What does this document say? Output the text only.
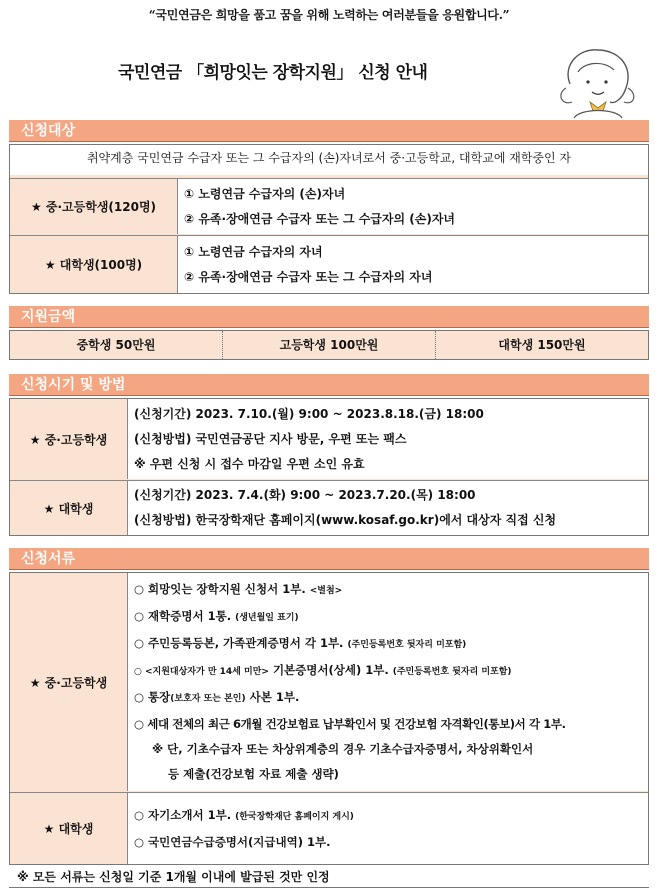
“국민연금은 희망을 품고 꿈을 위해 노력하는 여러분들을 응원합니다.”
국민연금 「희망잇는 장학지원」 신청 안내
신청대상
취약계층 국민연금 수급자 또는 그 수급자의 (손)자녀로서 중·고등학교, 대학교에 재학중인 자
★ 중·고등학생(120명)
① 노령연금 수급자의 (손)자녀
② 유족·장애연금 수급자 또는 그 수급자의 (손)자녀
★ 대학생(100명)
① 노령연금 수급자의 자녀
② 유족·장애연금 수급자 또는 그 수급자의 자녀
지원금액
중학생 50만원	고등학생 100만원	대학생 150만원
신청시기 및 방법
★ 중·고등학생
(신청기간) 2023. 7.10.(월) 9:00 ~ 2023.8.18.(금) 18:00
(신청방법) 국민연금공단 지사 방문, 우편 또는 팩스
※ 우편 신청 시 접수 마감일 우편 소인 유효
★ 대학생
(신청기간) 2023. 7.4.(화) 9:00 ~ 2023.7.20.(목) 18:00
(신청방법) 한국장학재단 홈페이지(www.kosaf.go.kr)에서 대상자 직접 신청
신청서류
★ 중·고등학생
○ 희망잇는 장학지원 신청서 1부. <별첨>
○ 재학증명서 1통. (생년월일 표기)
○ 주민등록등본, 가족관계증명서 각 1부. (주민등록번호 뒷자리 미포함)
○ <지원대상자가 만 14세 미만> 기본증명서(상세) 1부. (주민등록번호 뒷자리 미포함)
○ 통장(보호자 또는 본인) 사본 1부.
○ 세대 전체의 최근 6개월 건강보험료 납부확인서 및 건강보험 자격확인(통보)서 각 1부.
※ 단, 기초수급자 또는 차상위계층의 경우 기초수급자증명서, 차상위확인서
등 제출(건강보험 자료 제출 생략)
★ 대학생
○ 자기소개서 1부. (한국장학재단 홈페이지 게시)
○ 국민연금수급증명서(지급내역) 1부.
※ 모든 서류는 신청일 기준 1개월 이내에 발급된 것만 인정
